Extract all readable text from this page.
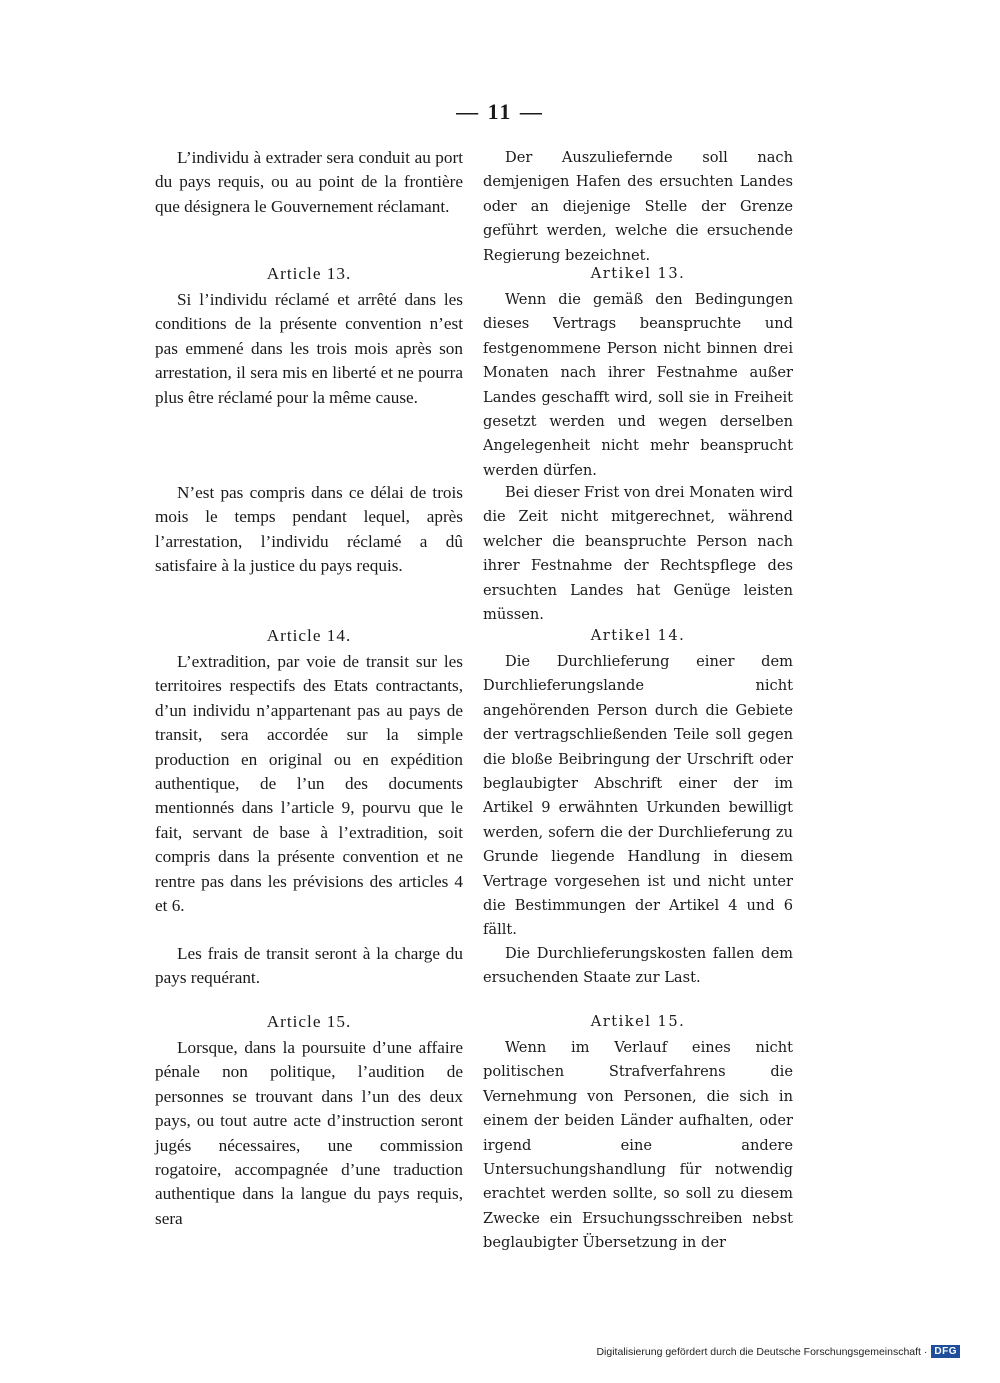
— 11 —

L’individu à extrader sera conduit au port du pays requis, ou au point de la frontière que désignera le Gouvernement réclamant.

Article 13.

Si l’individu réclamé et arrêté dans les conditions de la présente convention n’est pas emmené dans les trois mois après son arrestation, il sera mis en liberté et ne pourra plus être réclamé pour la même cause.

N’est pas compris dans ce délai de trois mois le temps pendant lequel, après l’arrestation, l’individu réclamé a dû satisfaire à la justice du pays requis.

Article 14.

L’extradition, par voie de transit sur les territoires respectifs des Etats contractants, d’un individu n’appartenant pas au pays de transit, sera accordée sur la simple production en original ou en expédition authentique, de l’un des documents mentionnés dans l’article 9, pourvu que le fait, servant de base à l’extradition, soit compris dans la présente convention et ne rentre pas dans les prévisions des articles 4 et 6.

Les frais de transit seront à la charge du pays requérant.

Article 15.

Lorsque, dans la poursuite d’une affaire pénale non politique, l’audition de personnes se trouvant dans l’un des deux pays, ou tout autre acte d’instruction seront jugés nécessaires, une commission rogatoire, accompagnée d’une traduction authentique dans la langue du pays requis, sera

Der Auszuliefernde soll nach demjenigen Hafen des ersuchten Landes oder an diejenige Stelle der Grenze geführt werden, welche die ersuchende Regierung bezeichnet.

Artikel 13.

Wenn die gemäß den Bedingungen dieses Vertrags beanspruchte und festgenommene Person nicht binnen drei Monaten nach ihrer Festnahme außer Landes geschafft wird, soll sie in Freiheit gesetzt werden und wegen derselben Angelegenheit nicht mehr beansprucht werden dürfen.

Bei dieser Frist von drei Monaten wird die Zeit nicht mitgerechnet, während welcher die beanspruchte Person nach ihrer Festnahme der Rechtspflege des ersuchten Landes hat Genüge leisten müssen.

Artikel 14.

Die Durchlieferung einer dem Durchlieferungslande nicht angehörenden Person durch die Gebiete der vertragschließenden Teile soll gegen die bloße Beibringung der Urschrift oder beglaubigter Abschrift einer der im Artikel 9 erwähnten Urkunden bewilligt werden, sofern die der Durchlieferung zu Grunde liegende Handlung in diesem Vertrage vorgesehen ist und nicht unter die Bestimmungen der Artikel 4 und 6 fällt.

Die Durchlieferungskosten fallen dem ersuchenden Staate zur Last.

Artikel 15.

Wenn im Verlauf eines nicht politischen Strafverfahrens die Vernehmung von Personen, die sich in einem der beiden Länder aufhalten, oder irgend eine andere Untersuchungshandlung für notwendig erachtet werden sollte, so soll zu diesem Zwecke ein Ersuchungsschreiben nebst beglaubigter Übersetzung in der

Digitalisierung gefördert durch die Deutsche Forschungsgemeinschaft · DFG
